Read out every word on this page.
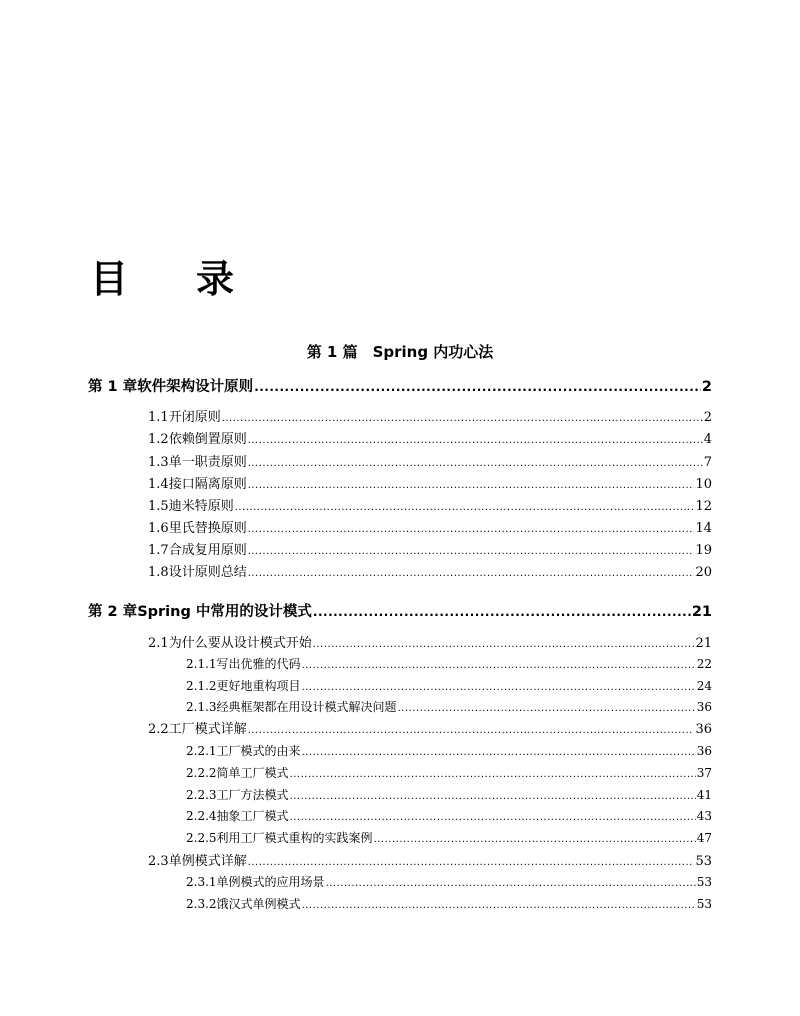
目 录
第 1 篇　Spring 内功心法
第 1 章 软件架构设计原则 .....	2
1.1 开闭原则 .....	2
1.2 依赖倒置原则 .....	4
1.3 单一职责原则 .....	7
1.4 接口隔离原则 .....	10
1.5 迪米特原则 .....	12
1.6 里氏替换原则 .....	14
1.7 合成复用原则 .....	19
1.8 设计原则总结 .....	20
第 2 章 Spring 中常用的设计模式 .....	21
2.1 为什么要从设计模式开始 .....	21
2.1.1 写出优雅的代码 .....	22
2.1.2 更好地重构项目 .....	24
2.1.3 经典框架都在用设计模式解决问题 .....	36
2.2 工厂模式详解 .....	36
2.2.1 工厂模式的由来 .....	36
2.2.2 简单工厂模式 .....	37
2.2.3 工厂方法模式 .....	41
2.2.4 抽象工厂模式 .....	43
2.2.5 利用工厂模式重构的实践案例 .....	47
2.3 单例模式详解 .....	53
2.3.1 单例模式的应用场景 .....	53
2.3.2 饿汉式单例模式 .....	53
